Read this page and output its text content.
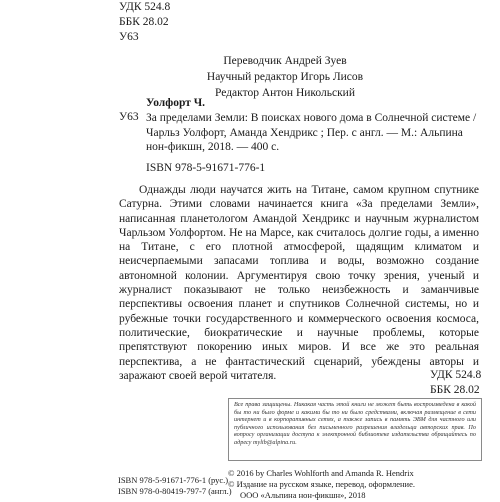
УДК 524.8
ББК 28.02
У63
Переводчик Андрей Зуев
Научный редактор Игорь Лисов
Редактор Антон Никольский
Уолфорт Ч.
У63 За пределами Земли: В поисках нового дома в Солнечной системе / Чарльз Уолфорт, Аманда Хендрикс ; Пер. с англ. — М.: Альпина нон-фикшн, 2018. — 400 с.

ISBN 978-5-91671-776-1

Однажды люди научатся жить на Титане, самом крупном спутнике Сатурна. Этими словами начинается книга «За пределами Земли», написанная планетологом Амандой Хендрикс и научным журналистом Чарльзом Уолфортом. Не на Марсе, как считалось долгие годы, а именно на Титане, с его плотной атмосферой, щадящим климатом и неисчерпаемыми запасами топлива и воды, возможно создание автономной колонии. Аргументируя свою точку зрения, ученый и журналист показывают не только неизбежность и заманчивые перспективы освоения планет и спутников Солнечной системы, но и рубежные точки государственного и коммерческого освоения космоса, политические, биократические и научные проблемы, которые препятствуют покорению иных миров. И все же это реальная перспектива, а не фантастический сценарий, убеждены авторы и заражают своей верой читателя.	УДК 524.8
ББК 28.02
Все права защищены. Никакая часть этой книги не может быть воспроизведена в какой бы то ни было форме и какими бы то ни было средствами, включая размещение в сети интернет и в корпоративных сетях, а также запись в память ЭВМ для частного или публичного использования без письменного разрешения владельца авторских прав. По вопросу организации доступа к электронной библиотеке издательства обращайтесь по адресу mylib@alpina.ru.
© 2016 by Charles Wohlforth and Amanda R. Hendrix
© Издание на русском языке, перевод, оформление.
ООО «Альпина нон-фикшн», 2018
ISBN 978-5-91671-776-1 (рус.)
ISBN 978-0-80419-797-7 (англ.)
